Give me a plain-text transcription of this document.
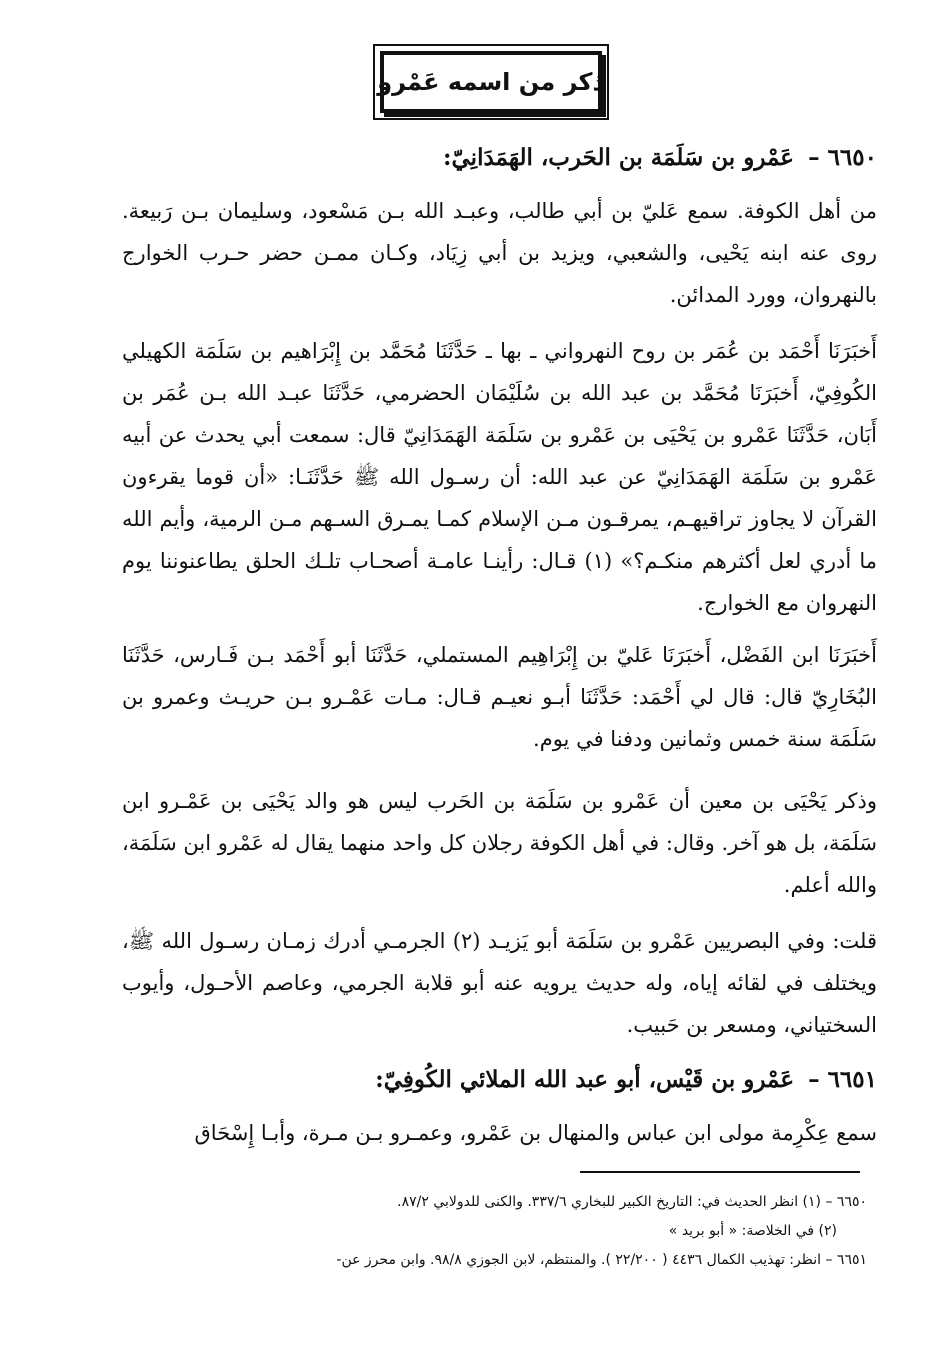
ذكر من اسمه عَمْرو
٦٦٥٠ – عَمْرو بن سَلَمَة بن الحَرب، الهَمَدَانِيّ:
من أهل الكوفة. سمع عَليّ بن أبي طالب، وعبـد الله بـن مَسْعود، وسليمان بـن رَبيعة. روى عنه ابنه يَحْيى، والشعبي، ويزيد بن أبي زِيَاد، وكـان ممـن حضر حـرب الخوارج بالنهروان، وورد المدائن.
أَخبَرَنَا أَحْمَد بن عُمَر بن روح النهرواني ـ بها ـ حَدَّثَنَا مُحَمَّد بن إِبْرَاهيم بن سَلَمَة الكهيلي الكُوفِيّ، أَخبَرَنَا مُحَمَّد بن عبد الله بن سُلَيْمَان الحضرمي، حَدَّثَنَا عبـد الله بـن عُمَر بن أَبَان، حَدَّثَنَا عَمْرو بن يَحْيَى بن عَمْرو بن سَلَمَة الهَمَدَانِيّ قال: سمعت أبي يحدث عن أبيه عَمْرو بن سَلَمَة الهَمَدَانِيّ عن عبد الله: أن رسـول الله ﷺ حَدَّثَنَـا: «أن قوما يقرءون القرآن لا يجاوز تراقيهـم، يمرقـون مـن الإسلام كمـا يمـرق السـهم مـن الرمية، وأيم الله ما أدري لعل أكثرهم منكـم؟» (١) قـال: رأينـا عامـة أصحـاب تلـك الحلق يطاعنوننا يوم النهروان مع الخوارج.
أَخبَرَنَا ابن الفَضْل، أَخبَرَنَا عَليّ بن إِبْرَاهِيم المستملي، حَدَّثَنَا أبو أَحْمَد بـن فَـارس، حَدَّثَنَا البُخَارِيّ قال: قال لي أَحْمَد: حَدَّثَنَا أبـو نعيـم قـال: مـات عَمْـرو بـن حريـث وعمرو بن سَلَمَة سنة خمس وثمانين ودفنا في يوم.
وذكر يَحْيَى بن معين أن عَمْرو بن سَلَمَة بن الحَرب ليس هو والد يَحْيَى بن عَمْـرو ابن سَلَمَة، بل هو آخر. وقال: في أهل الكوفة رجلان كل واحد منهما يقال له عَمْرو ابن سَلَمَة، والله أعلم.
قلت: وفي البصريين عَمْرو بن سَلَمَة أبو يَزيـد (٢) الجرمـي أدرك زمـان رسـول الله ﷺ، ويختلف في لقائه إياه، وله حديث يرويه عنه أبو قلابة الجرمي، وعاصم الأحـول، وأيوب السختياني، ومسعر بن حَبيب.
٦٦٥١ – عَمْرو بن قَيْس، أبو عبد الله الملائي الكُوفِيّ:
سمع عِكْرِمة مولى ابن عباس والمنهال بن عَمْرو، وعمـرو بـن مـرة، وأبـا إِسْحَاق
٦٦٥٠ – (١) انظر الحديث في: التاريخ الكبير للبخاري ٣٣٧/٦. والكنى للدولابي ٨٧/٢.
(٢) في الخلاصة: « أبو بريد »
٦٦٥١ – انظر: تهذيب الكمال ٤٤٣٦ ( ٢٢/٢٠٠ ). والمنتظم، لابن الجوزي ٩٨/٨. وابن محرز عن-
